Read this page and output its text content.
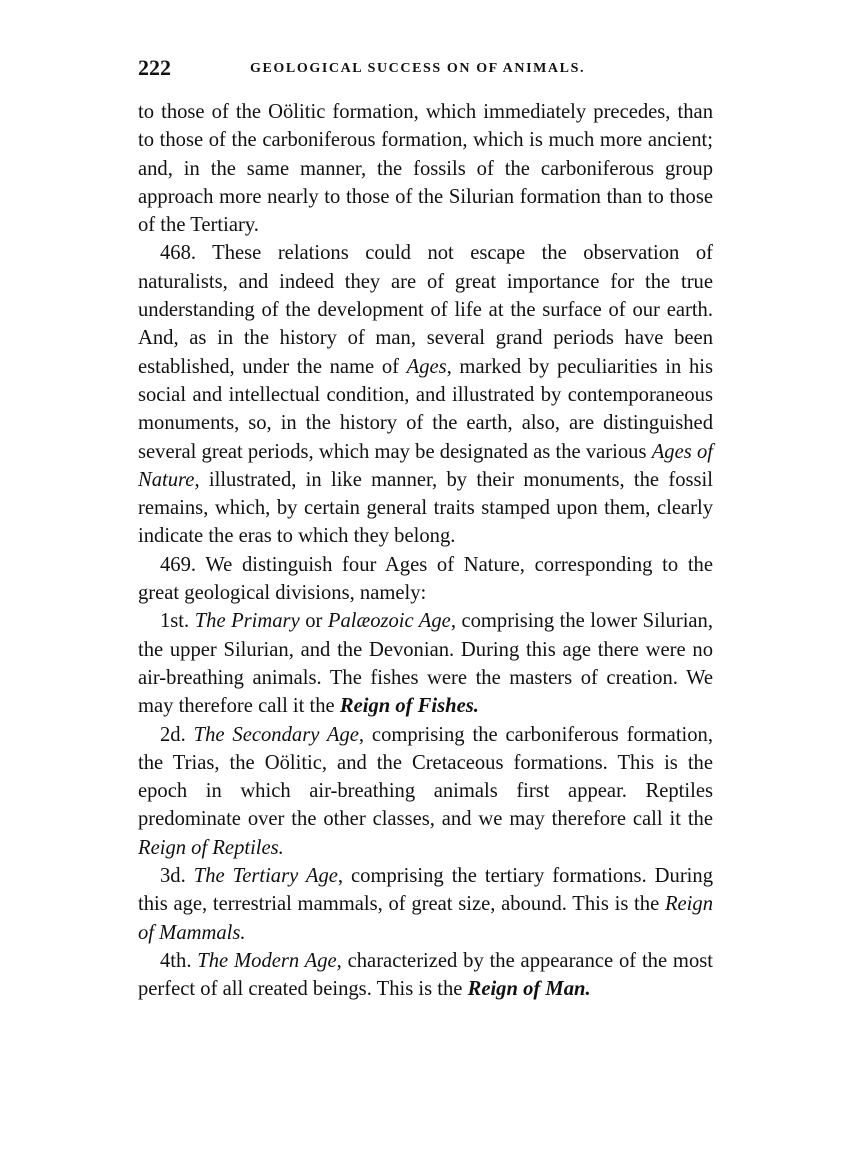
222	GEOLOGICAL SUCCESS ON OF ANIMALS.

to those of the Oölitic formation, which immediately precedes, than to those of the carboniferous formation, which is much more ancient; and, in the same manner, the fossils of the carboniferous group approach more nearly to those of the Silurian formation than to those of the Tertiary.

468. These relations could not escape the observation of naturalists, and indeed they are of great importance for the true understanding of the development of life at the surface of our earth. And, as in the history of man, several grand periods have been established, under the name of Ages, marked by peculiarities in his social and intellectual condition, and illustrated by contemporaneous monuments, so, in the history of the earth, also, are distinguished several great periods, which may be designated as the various Ages of Nature, illustrated, in like manner, by their monuments, the fossil remains, which, by certain general traits stamped upon them, clearly indicate the eras to which they belong.

469. We distinguish four Ages of Nature, corresponding to the great geological divisions, namely:

1st. The Primary or Palæozoic Age, comprising the lower Silurian, the upper Silurian, and the Devonian. During this age there were no air-breathing animals. The fishes were the masters of creation. We may therefore call it the Reign of Fishes.

2d. The Secondary Age, comprising the carboniferous formation, the Trias, the Oölitic, and the Cretaceous formations. This is the epoch in which air-breathing animals first appear. Reptiles predominate over the other classes, and we may therefore call it the Reign of Reptiles.

3d. The Tertiary Age, comprising the tertiary formations. During this age, terrestrial mammals, of great size, abound. This is the Reign of Mammals.

4th. The Modern Age, characterized by the appearance of the most perfect of all created beings. This is the Reign of Man.
